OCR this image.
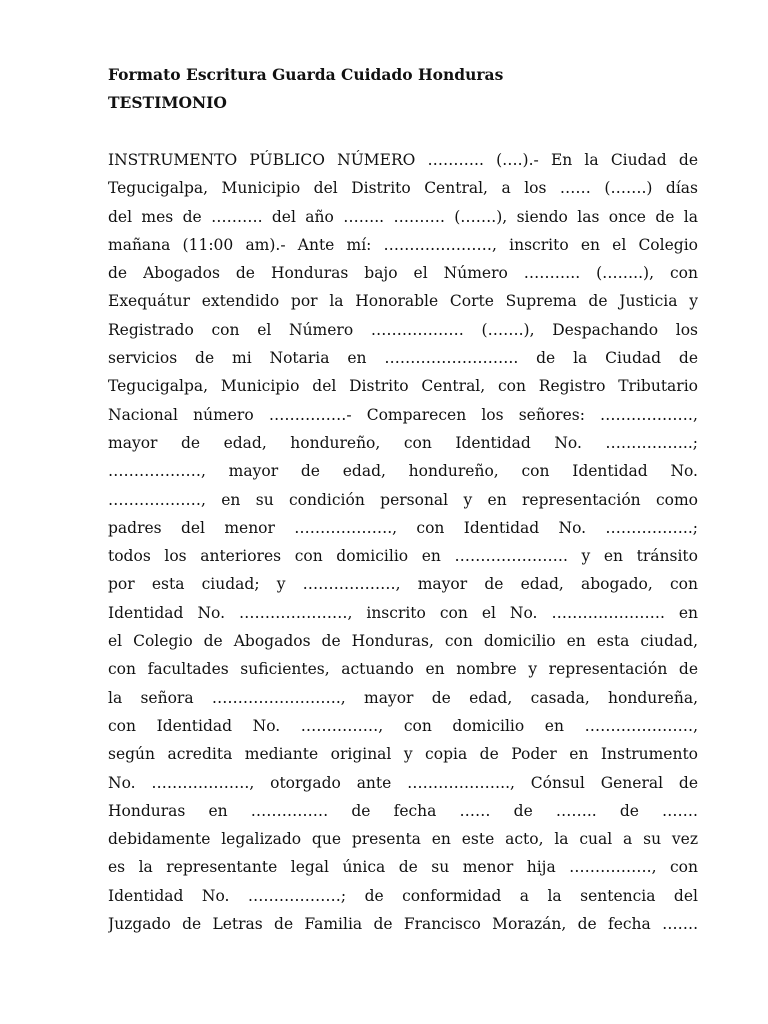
Formato Escritura Guarda Cuidado Honduras
TESTIMONIO
INSTRUMENTO PÚBLICO NÚMERO ……….. (….).- En la Ciudad de
Tegucigalpa, Municipio del Distrito Central, a los …… (…….) días
del mes de ………. del año …….. ………. (…….), siendo las once de la
mañana (11:00 am).- Ante mí: …………………, inscrito en el Colegio
de Abogados de Honduras bajo el Número ……….. (……..), con
Exequátur extendido por la Honorable Corte Suprema de Justicia y
Registrado con el Número ……………… (…….), Despachando los
servicios de mi Notaria en …………………….. de la Ciudad de
Tegucigalpa, Municipio del Distrito Central, con Registro Tributario
Nacional número ……………- Comparecen los señores: ………………,
mayor de edad, hondureño, con Identidad No. ……………..;
………………, mayor de edad, hondureño, con Identidad No.
………………, en su condición personal y en representación como
padres del menor ………………., con Identidad No. ……………..;
todos los anteriores con domicilio en …………………. y en tránsito
por esta ciudad; y ………………, mayor de edad, abogado, con
Identidad No. …………………, inscrito con el No. …………………. en
el Colegio de Abogados de Honduras, con domicilio en esta ciudad,
con facultades suficientes, actuando en nombre y representación de
la señora ……………………., mayor de edad, casada, hondureña,
con Identidad No. ……………, con domicilio en …………………,
según acredita mediante original y copia de Poder en Instrumento
No. ………………., otorgado ante ……………….., Cónsul General de
Honduras en …………… de fecha …… de …….. de …….
debidamente legalizado que presenta en este acto, la cual a su vez
es la representante legal única de su menor hija ……………., con
Identidad No. ………………; de conformidad a la sentencia del
Juzgado de Letras de Familia de Francisco Morazán, de fecha …….
